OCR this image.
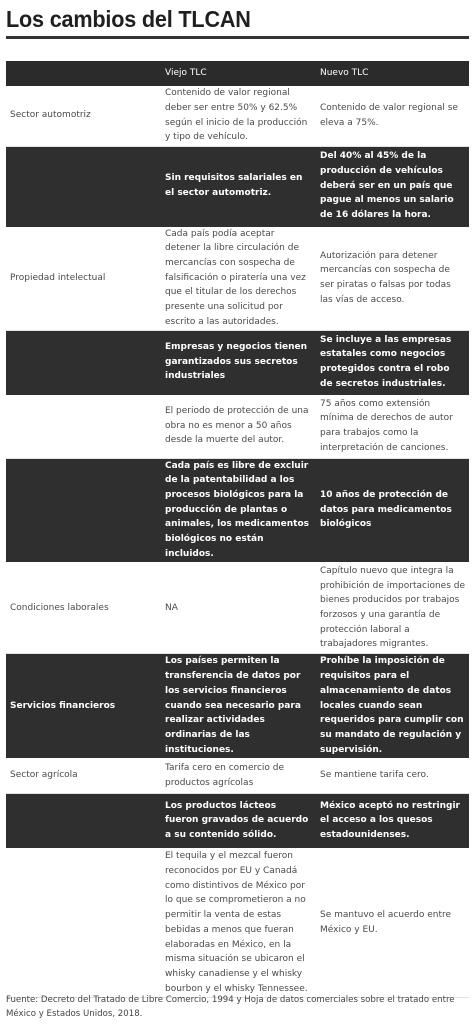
Los cambios del TLCAN
	Viejo TLC	Nuevo TLC
Sector automotriz	Contenido de valor regional deber ser entre 50% y 62.5% según el inicio de la producción y tipo de vehículo.	Contenido de valor regional se eleva a 75%.
	Sin requisitos salariales en el sector automotriz.	Del 40% al 45% de la producción de vehículos deberá ser en un país que pague al menos un salario de 16 dólares la hora.
Propiedad intelectual	Cada país podía aceptar detener la libre circulación de mercancías con sospecha de falsificación o piratería una vez que el titular de los derechos presente una solicitud por escrito a las autoridades.	Autorización para detener mercancías con sospecha de ser piratas o falsas por todas las vías de acceso.
	Empresas y negocios tienen garantizados sus secretos industriales	Se incluye a las empresas estatales como negocios protegidos contra el robo de secretos industriales.
	El periodo de protección de una obra no es menor a 50 años desde la muerte del autor.	75 años como extensión mínima de derechos de autor para trabajos como la interpretación de canciones.
	Cada país es libre de excluir de la patentabilidad a los procesos biológicos para la producción de plantas o animales, los medicamentos biológicos no están incluidos.	10 años de protección de datos para medicamentos biológicos
Condiciones laborales	NA	Capítulo nuevo que integra la prohibición de importaciones de bienes producidos por trabajos forzosos y una garantía de protección laboral a trabajadores migrantes.
Servicios financieros	Los países permiten la transferencia de datos por los servicios financieros cuando sea necesario para realizar actividades ordinarias de las instituciones.	Prohíbe la imposición de requisitos para el almacenamiento de datos locales cuando sean requeridos para cumplir con su mandato de regulación y supervisión.
Sector agrícola	Tarifa cero en comercio de productos agrícolas	Se mantiene tarifa cero.
	Los productos lácteos fueron gravados de acuerdo a su contenido sólido.	México aceptó no restringir el acceso a los quesos estadounidenses.
	El tequila y el mezcal fueron reconocidos por EU y Canadá como distintivos de México por lo que se comprometieron a no permitir la venta de estas bebidas a menos que fueran elaboradas en México, en la misma situación se ubicaron el whisky canadiense y el whisky bourbon y el whisky Tennessee.	Se mantuvo el acuerdo entre México y EU.

Fuente: Decreto del Tratado de Libre Comercio, 1994 y Hoja de datos comerciales sobre el tratado entre México y Estados Unidos, 2018.
